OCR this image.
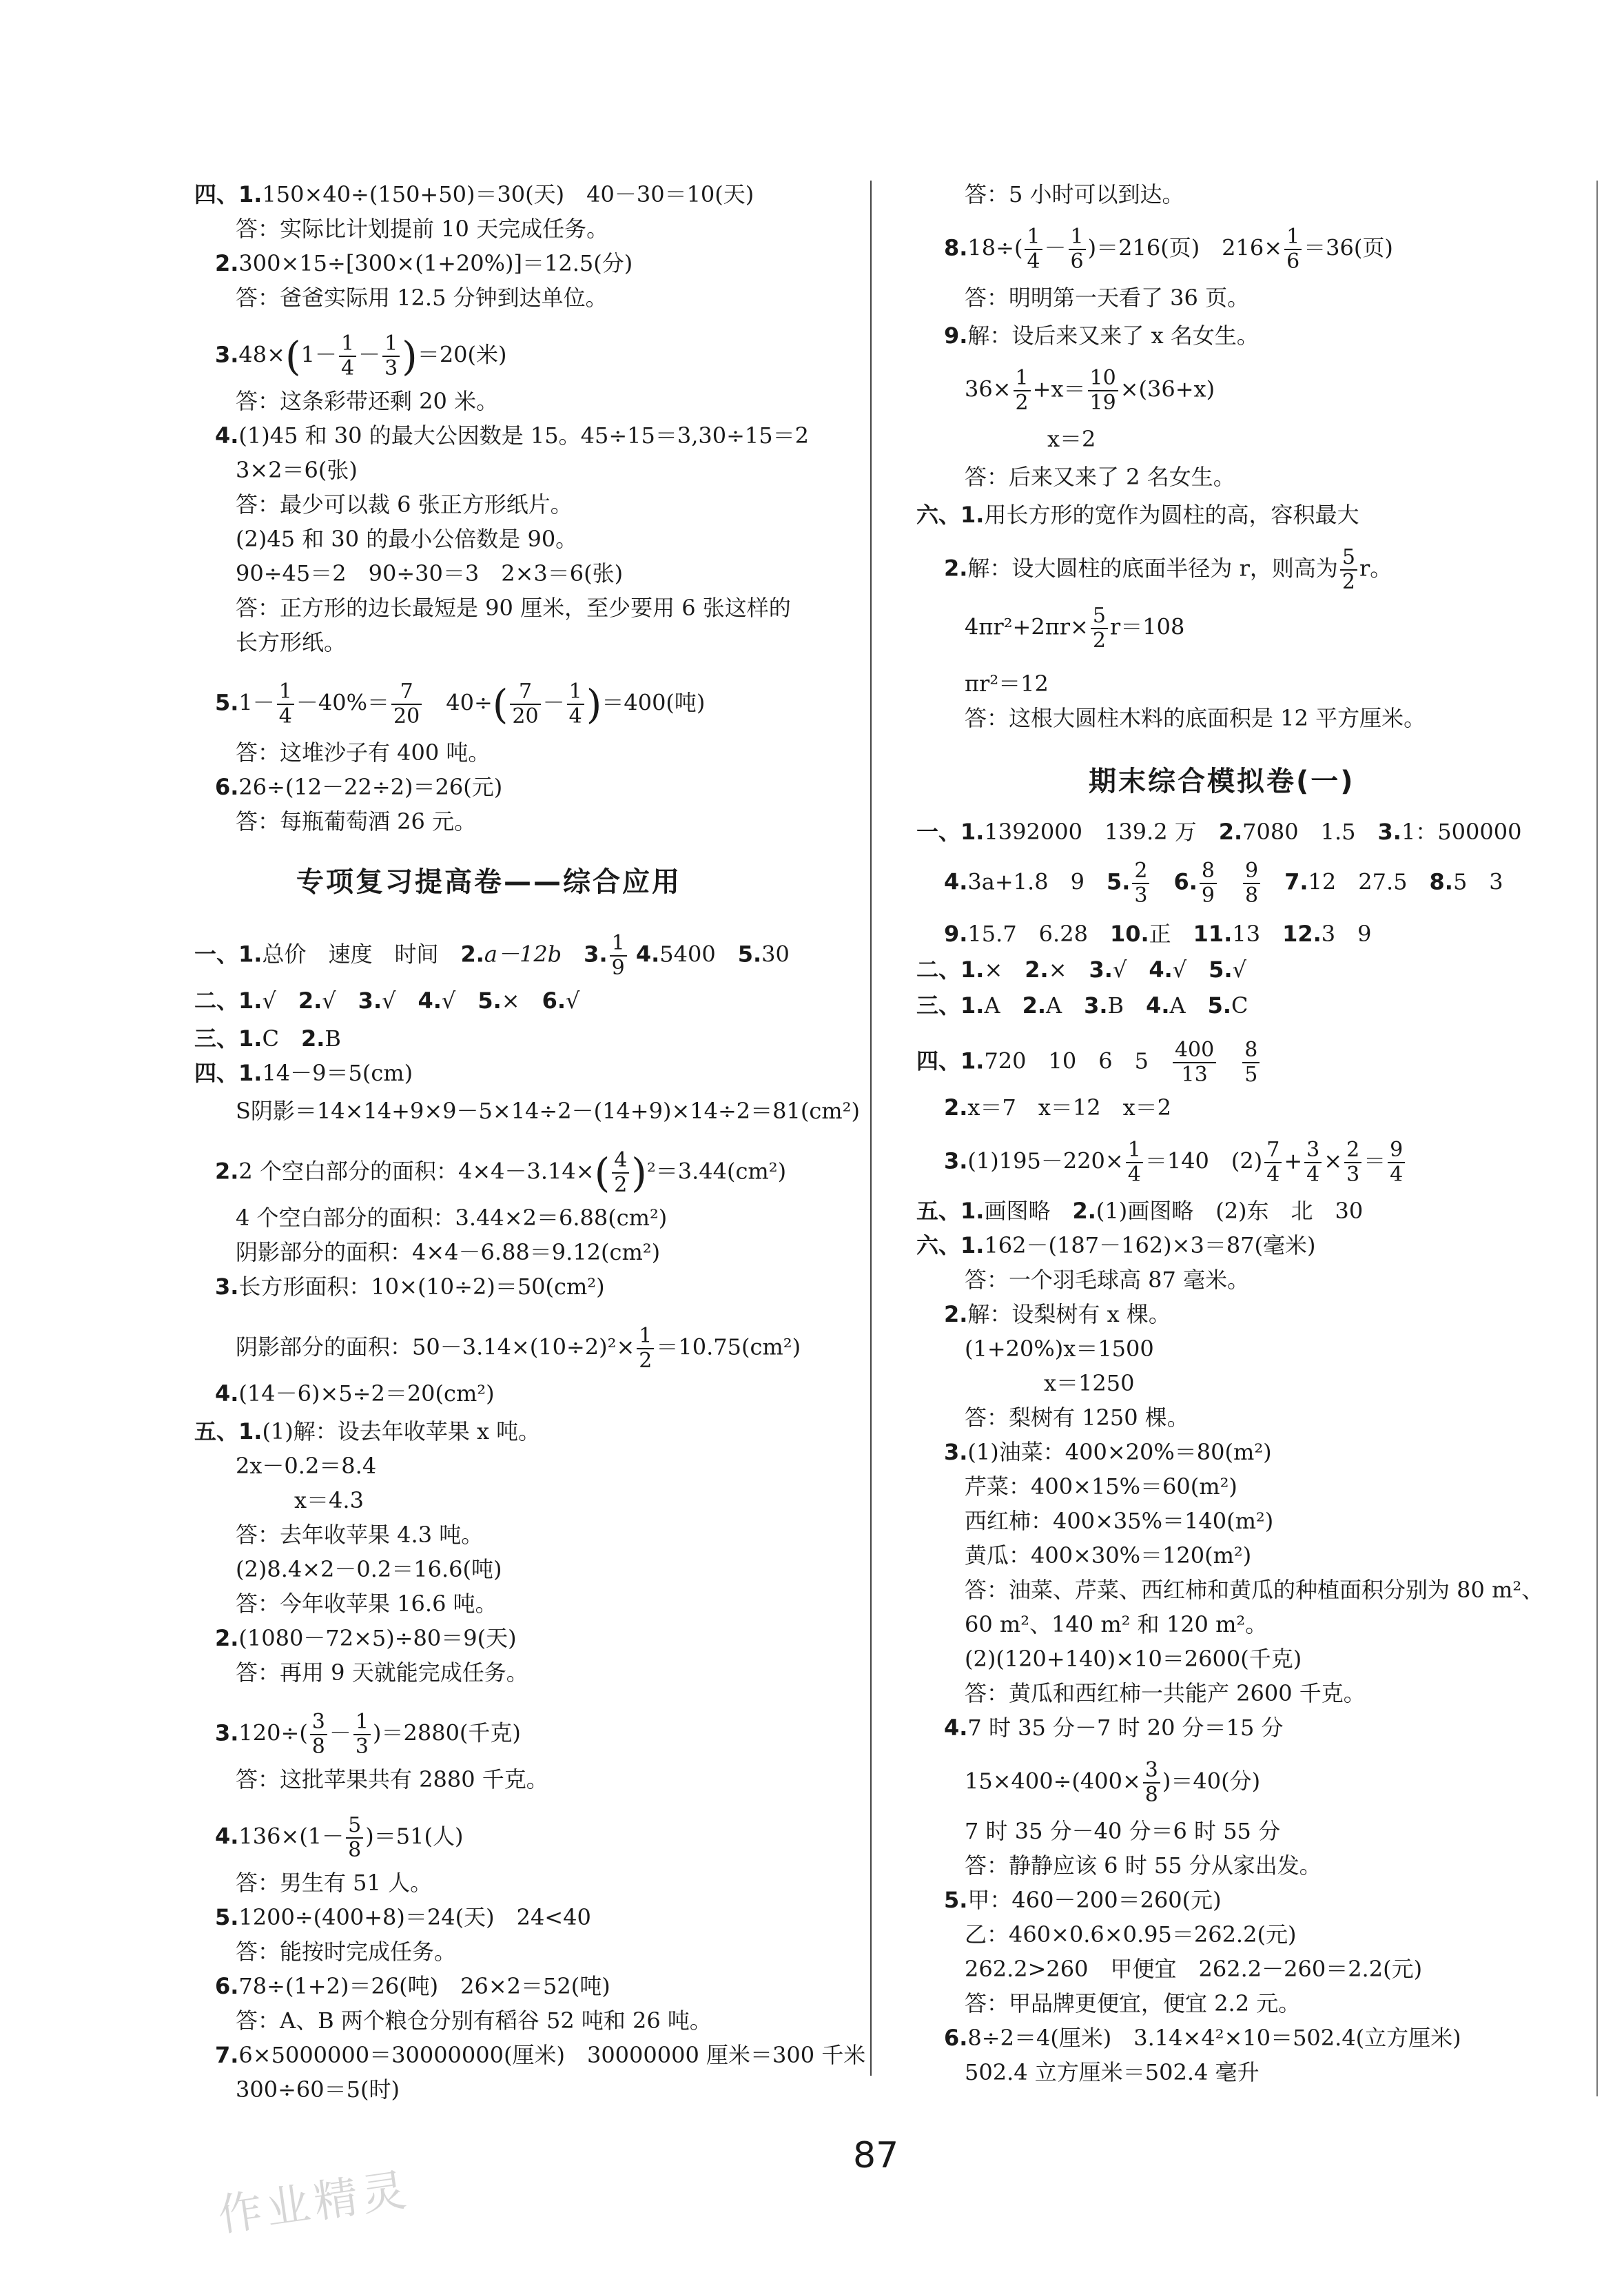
四、1.150×40÷(150+50)＝30(天)　40－30＝10(天)
答：实际比计划提前 10 天完成任务。
2.300×15÷[300×(1+20%)]＝12.5(分)
答：爸爸实际用 12.5 分钟到达单位。
$3.48\times(1- \frac{1}{4} - \frac{1}{3} )=20$(米)
答：这条彩带还剩 20 米。
4.(1)45 和 30 的最大公因数是 15。45÷15＝3,30÷15＝2
3×2＝6(张)
答：最少可以裁 6 张正方形纸片。
(2)45 和 30 的最小公倍数是 90。
90÷45＝2　90÷30＝3　2×3＝6(张)
答：正方形的边长最短是 90 厘米，至少要用 6 张这样的
长方形纸。
$5.1- \frac{1}{4} -40\%= \frac{7}{20}$ 　$40\div( \frac{7}{20} - \frac{1}{4} )=400$(吨)
答：这堆沙子有 400 吨。
6.26÷(12－22÷2)＝26(元)
答：每瓶葡萄酒 26 元。
专项复习提高卷——综合应用
一、1.总价　速度　时间　2.a－12b　3. $\frac{1}{9} 4.5400$　5.30
二、1.√　2.√　3.√　4.√　5.×　6.√
三、1.C　2.B
四、1.14－9＝5(cm)
S阴影＝14×14+9×9－5×14÷2－(14+9)×14÷2＝81(cm²)
2.2 个空白部分的面积：$4\times 4-3.14\times( \frac{4}{2} )^2=3.44(cm^2)$
4 个空白部分的面积：3.44×2＝6.88(cm²)
阴影部分的面积：4×4－6.88＝9.12(cm²)
3.长方形面积：10×(10÷2)＝50(cm²)
阴影部分的面积：$50-3.14\times(10\div 2)^2\times \frac{1}{2} =10.75(cm^2)$
4.(14－6)×5÷2＝20(cm²)
五、1.(1)解：设去年收苹果 x 吨。
2x－0.2＝8.4
x＝4.3
答：去年收苹果 4.3 吨。
(2)8.4×2－0.2＝16.6(吨)
答：今年收苹果 16.6 吨。
2.(1080－72×5)÷80＝9(天)
答：再用 9 天就能完成任务。
$3.120\div( \frac{3}{8} - \frac{1}{3} )=2880$(千克)
答：这批苹果共有 2880 千克。
$4.136\times(1- \frac{5}{8} )=51$(人)
答：男生有 51 人。
5.1200÷(400+8)＝24(天)　24<40
答：能按时完成任务。
6.78÷(1+2)＝26(吨)　26×2＝52(吨)
答：A、B 两个粮仓分别有稻谷 52 吨和 26 吨。
7.6×5000000＝30000000(厘米)　30000000 厘米＝300 千米
300÷60＝5(时)
答：5 小时可以到达。
$8.18\div( \frac{1}{4} - \frac{1}{6} )=216$(页)　$216\times \frac{1}{6} =36$(页)
答：明明第一天看了 36 页。
9.解：设后来又来了 x 名女生。
$36\times \frac{1}{2} +x= \frac{10}{19} \times(36+x)$
x＝2
答：后来又来了 2 名女生。
六、1.用长方形的宽作为圆柱的高，容积最大
2.解：设大圆柱的底面半径为 r，则高为 $\frac{5}{2}$ r。
$4\pi r^2+2\pi r\times \frac{5}{2} r=108$
πr²＝12
答：这根大圆柱木料的底面积是 12 平方厘米。
期末综合模拟卷(一)
一、1.1392000　139.2 万　2.7080　1.5　3.1：500000
4.3a+1.8　9　5. $\frac{2}{3}$
　 6. $\frac{8}{9}$
　 $\frac{9}{8}$
　 7.12　27.5　8.5　3
9.15.7　6.28　10.正　11.13　12.3　9
二、1.×　2.×　3.√　4.√　5.√
三、1.A　2.A　3.B　4.A　5.C
四、1.720　10　6　5　 $\frac{400}{13}$
　 $\frac{8}{5}$
2.x＝7　x＝12　x＝2
$3.(1)195-220\times \frac{1}{4} =140$　$(2) \frac{7}{4} + \frac{3}{4} \times \frac{2}{3} = \frac{9}{4}$
五、1.画图略　2.(1)画图略　(2)东　北　30
六、1.162－(187－162)×3＝87(毫米)
答：一个羽毛球高 87 毫米。
2.解：设梨树有 x 棵。
(1+20%)x＝1500
x＝1250
答：梨树有 1250 棵。
3.(1)油菜：400×20%＝80(m²)
芹菜：400×15%＝60(m²)
西红柿：400×35%＝140(m²)
黄瓜：400×30%＝120(m²)
答：油菜、芹菜、西红柿和黄瓜的种植面积分别为 80 m²、
60 m²、140 m² 和 120 m²。
(2)(120+140)×10＝2600(千克)
答：黄瓜和西红柿一共能产 2600 千克。
4.7 时 35 分－7 时 20 分＝15 分
$15\times 400\div(400\times \frac{3}{8} )=40$(分)
7 时 35 分－40 分＝6 时 55 分
答：静静应该 6 时 55 分从家出发。
5.甲：460－200＝260(元)
乙：460×0.6×0.95＝262.2(元)
262.2>260　甲便宜　262.2－260＝2.2(元)
答：甲品牌更便宜，便宜 2.2 元。
6.8÷2＝4(厘米)　3.14×4²×10＝502.4(立方厘米)
502.4 立方厘米＝502.4 毫升
87
作业精灵
